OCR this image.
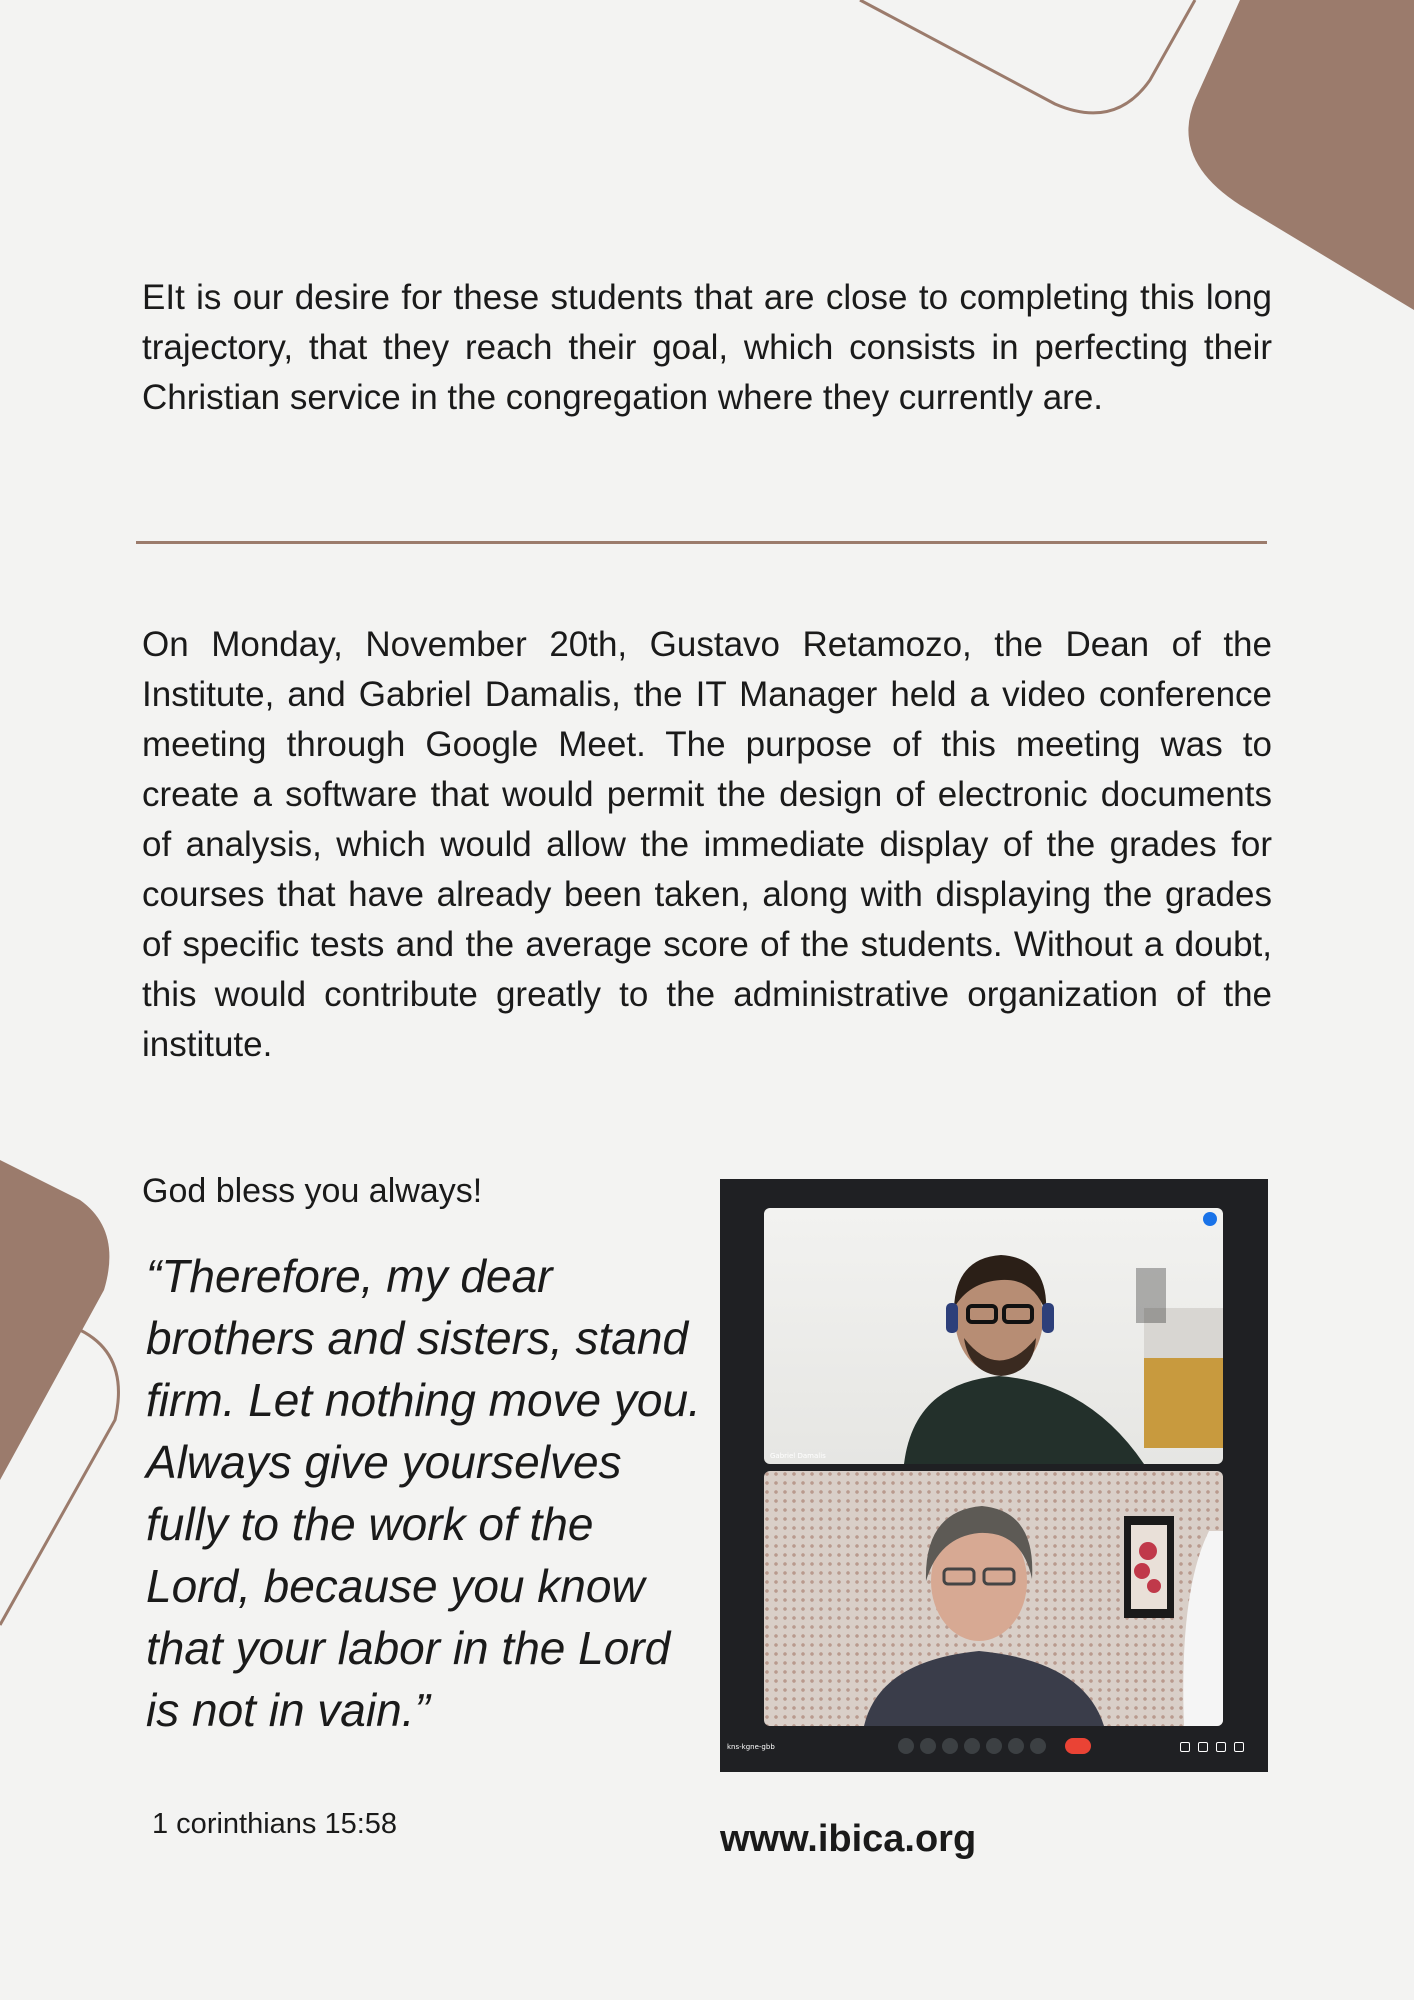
EIt is our desire for these students that are close to completing this long trajectory, that they reach their goal, which consists in perfecting their Christian service in the congregation where they currently are.

On Monday, November 20th, Gustavo Retamozo, the Dean of the Institute, and Gabriel Damalis, the IT Manager held a video conference meeting through Google Meet. The purpose of this meeting was to create a software that would permit the design of electronic documents of analysis, which would allow the immediate display of the grades for courses that have already been taken, along with displaying the grades of specific tests and the average score of the students. Without a doubt, this would contribute greatly to the administrative organization of the institute.

God bless you always!

“Therefore, my dear brothers and sisters, stand firm. Let nothing move you. Always give yourselves fully to the work of the Lord, because you know that your labor in the Lord is not in vain.”

1 corinthians 15:58
Gabriel Damalis
kns-kgne-gbb
www.ibica.org
